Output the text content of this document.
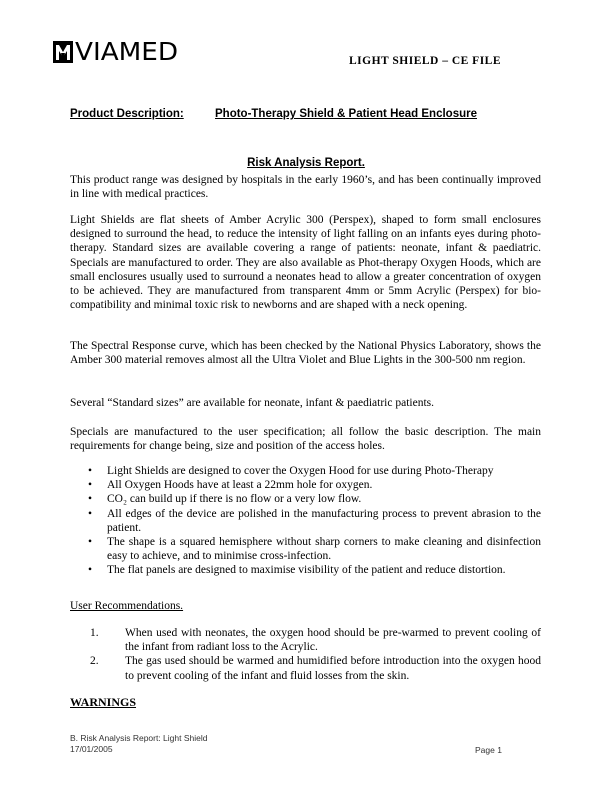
VIAMED	LIGHT SHIELD – CE FILE
Product Description:	Photo-Therapy Shield & Patient Head Enclosure
Risk Analysis Report.

This product range was designed by hospitals in the early 1960’s, and has been continually improved in line with medical practices.

Light Shields are flat sheets of Amber Acrylic 300 (Perspex), shaped to form small enclosures designed to surround the head, to reduce the intensity of light falling on an infants eyes during photo-therapy. Standard sizes are available covering a range of patients: neonate, infant & paediatric. Specials are manufactured to order. They are also available as Phot-therapy Oxygen Hoods, which are small enclosures usually used to surround a neonates head to allow a greater concentration of oxygen to be achieved. They are manufactured from transparent 4mm or 5mm Acrylic (Perspex) for bio-compatibility and minimal toxic risk to newborns and are shaped with a neck opening.

The Spectral Response curve, which has been checked by the National Physics Laboratory, shows the Amber 300 material removes almost all the Ultra Violet and Blue Lights in the 300-500 nm region.

Several “Standard sizes” are available for neonate, infant & paediatric patients.

Specials are manufactured to the user specification; all follow the basic description. The main requirements for change being, size and position of the access holes.

• Light Shields are designed to cover the Oxygen Hood for use during Photo-Therapy
• All Oxygen Hoods have at least a 22mm hole for oxygen.
• CO₂ can build up if there is no flow or a very low flow.
• All edges of the device are polished in the manufacturing process to prevent abrasion to the patient.
• The shape is a squared hemisphere without sharp corners to make cleaning and disinfection easy to achieve, and to minimise cross-infection.
• The flat panels are designed to maximise visibility of the patient and reduce distortion.
User Recommendations.
1. When used with neonates, the oxygen hood should be pre-warmed to prevent cooling of the infant from radiant loss to the Acrylic.
2. The gas used should be warmed and humidified before introduction into the oxygen hood to prevent cooling of the infant and fluid losses from the skin.
WARNINGS
B. Risk Analysis Report: Light Shield
17/01/2005	Page 1
